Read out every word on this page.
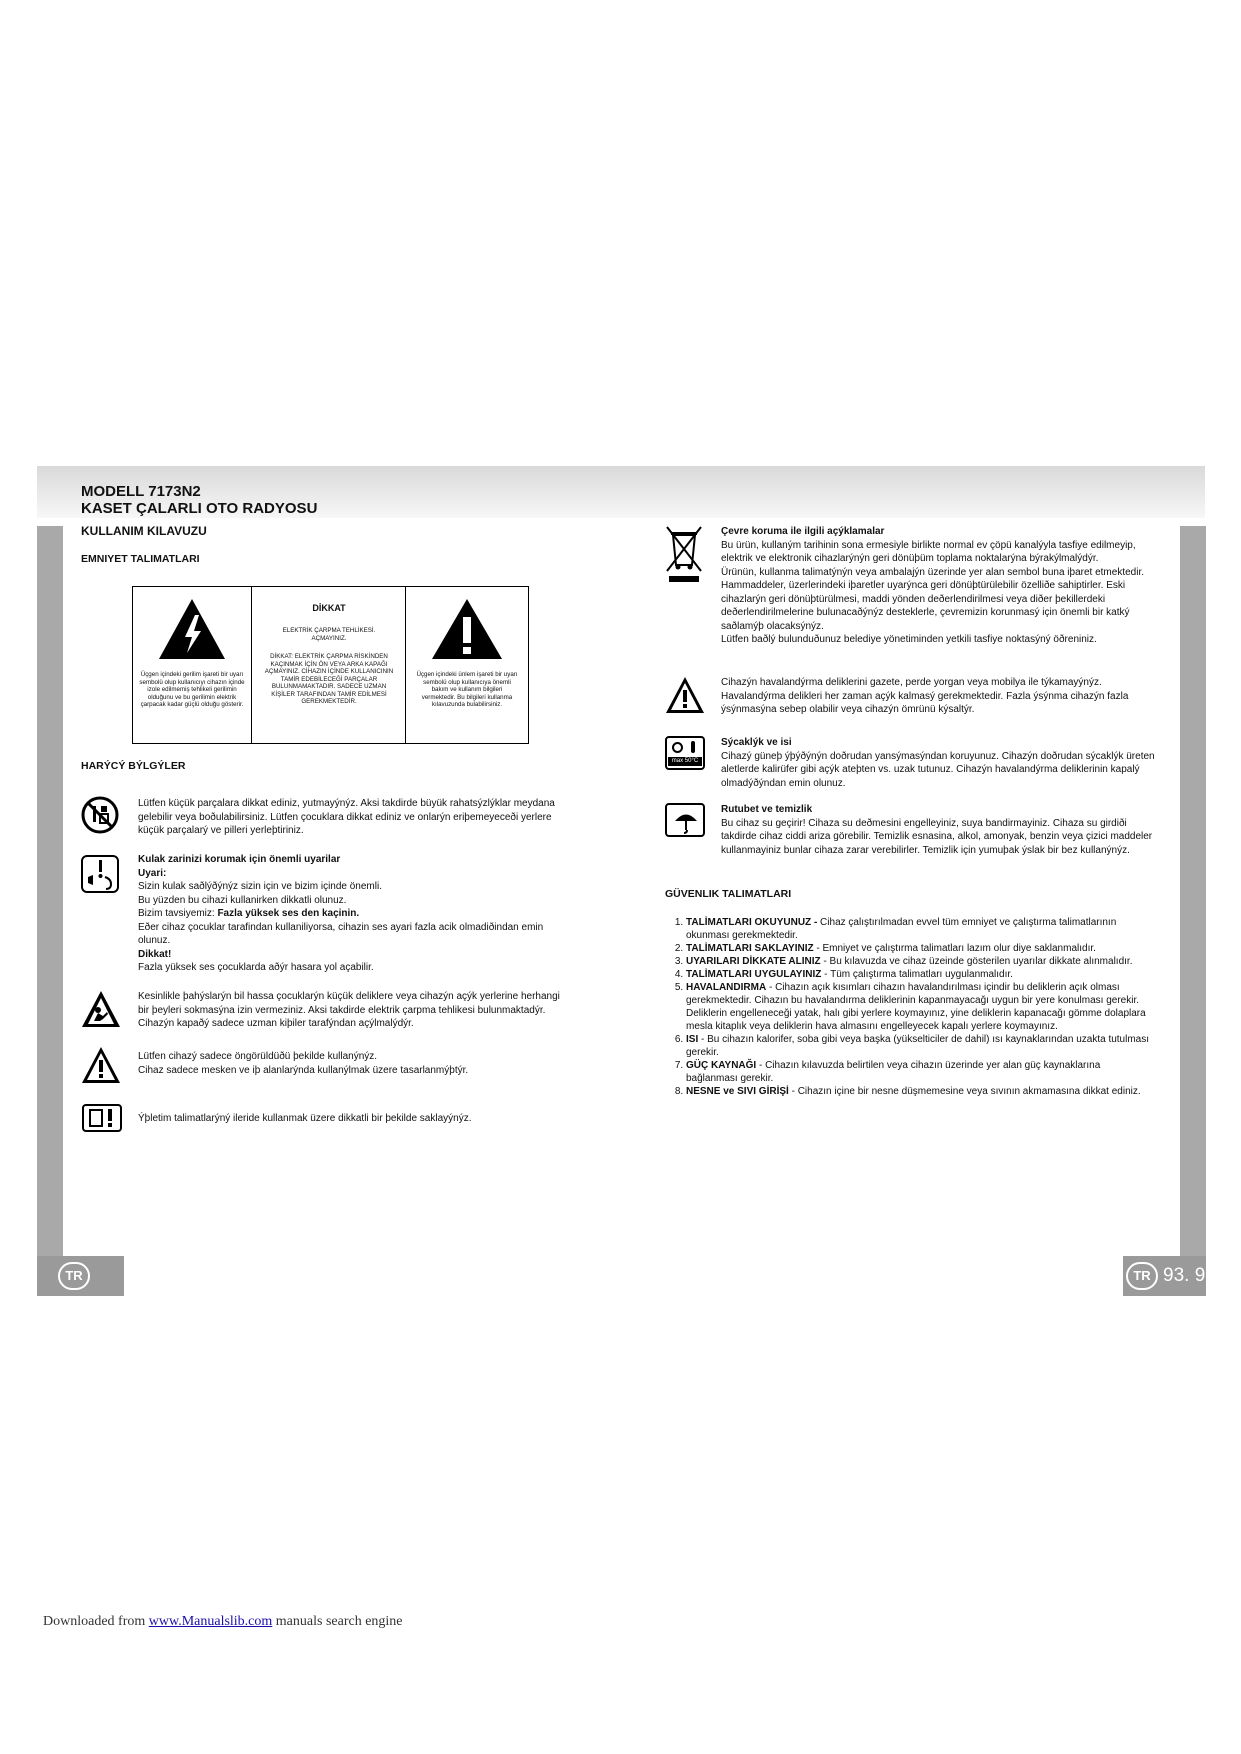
MODELL 7173N2
KASET ÇALARLI OTO RADYOSU
KULLANIM KILAVUZU
EMNIYET TALIMATLARI
Üçgen içindeki gerilim işareti bir uyarı sembolü olup kullanıcıyı cihazın içinde izole edilmemiş tehlikeli gerilimin olduğunu ve bu gerilimin elektrik çarpacak kadar güçlü olduğu gösterir.
DİKKAT
ELEKTRİK ÇARPMA TEHLİKESİ. AÇMAYINIZ.
DİKKAT: ELEKTRİK ÇARPMA RİSKİNDEN KAÇINMAK İÇİN ÖN VEYA ARKA KAPAĞI AÇMAYINIZ. CİHAZIN İÇİNDE KULLANICININ TAMİR EDEBİLECEĞİ PARÇALAR BULUNMAMAKTADIR. SADECE UZMAN KİŞİLER TARAFINDAN TAMİR EDİLMESİ GEREKMEKTEDİR.
Üçgen içindeki ünlem işareti bir uyarı sembolü olup kullanıcıya önemli bakım ve kullanım bilgileri vermektedir. Bu bilgileri kullanma kılavuzunda bulabilirsiniz.
HARÝCÝ BÝLGÝLER
Lütfen küçük parçalara dikkat ediniz, yutmayýnýz. Aksi takdirde büyük rahatsýzlýklar meydana gelebilir veya boðulabilirsiniz. Lütfen çocuklara dikkat ediniz ve onlarýn eriþemeyeceði yerlere küçük parçalarý ve pilleri yerleþtiriniz.

Kulak zarinizi korumak için önemli uyarilar

Uyari:

Sizin kulak saðlýðýnýz sizin için ve bizim içinde önemli.

Bu yüzden bu cihazi kullanirken dikkatli olunuz.

Bizim tavsiyemiz: Fazla yüksek ses den kaçinin.

Eðer cihaz çocuklar tarafindan kullaniliyorsa, cihazin ses ayari fazla acik olmadiðindan emin olunuz.

Dikkat!

Fazla yüksek ses çocuklarda aðýr hasara yol açabilir.

Kesinlikle þahýslarýn bil hassa çocuklarýn küçük deliklere veya cihazýn açýk yerlerine herhangi bir þeyleri sokmasýna izin vermeziniz. Aksi takdirde elektrik çarpma tehlikesi bulunmaktadýr. Cihazýn kapaðý sadece uzman kiþiler tarafýndan açýlmalýdýr.

Lütfen cihazý sadece öngörüldüðü þekilde kullanýnýz.

Cihaz sadece mesken ve iþ alanlarýnda kullanýlmak üzere tasarlanmýþtýr.

Ýþletim talimatlarýný ileride kullanmak üzere dikkatli bir þekilde saklayýnýz.

Çevre koruma ile ilgili açýklamalar

Bu ürün, kullaným tarihinin sona ermesiyle birlikte normal ev çöpü kanalýyla tasfiye edilmeyip, elektrik ve elektronik cihazlarýnýn geri dönüþüm toplama noktalarýna býrakýlmalýdýr.

Ürünün, kullanma talimatýnýn veya ambalajýn üzerinde yer alan sembol buna iþaret etmektedir. Hammaddeler, üzerlerindeki iþaretler uyarýnca geri dönüþtürülebilir özelliðe sahiptirler. Eski cihazlarýn geri dönüþtürülmesi, maddi yönden deðerlendirilmesi veya diðer þekillerdeki deðerlendirilmelerine bulunacaðýnýz desteklerle, çevremizin korunmasý için önemli bir katký saðlamýþ olacaksýnýz.

Lütfen baðlý bulunduðunuz belediye yönetiminden yetkili tasfiye noktasýný öðreniniz.

Cihazýn havalandýrma deliklerini gazete, perde yorgan veya mobilya ile týkamayýnýz. Havalandýrma delikleri her zaman açýk kalmasý gerekmektedir. Fazla ýsýnma cihazýn fazla ýsýnmasýna sebep olabilir veya cihazýn ömrünü kýsaltýr.
max 50°C

Sýcaklýk ve isi

Cihazý güneþ ýþýðýnýn doðrudan yansýmasýndan koruyunuz. Cihazýn doðrudan sýcaklýk üreten aletlerde kalirüfer gibi açýk ateþten vs. uzak tutunuz. Cihazýn havalandýrma deliklerinin kapalý olmadýðýndan emin olunuz.

Rutubet ve temizlik

Bu cihaz su geçirir! Cihaza su deðmesini engelleyiniz, suya bandirmayiniz. Cihaza su girdiði takdirde cihaz ciddi ariza görebilir. Temizlik esnasina, alkol, amonyak, benzin veya çizici maddeler kullanmayiniz bunlar cihaza zarar verebilirler. Temizlik için yumuþak ýslak bir bez kullanýnýz.

GÜVENLIK TALIMATLARI
1. TALİMATLARI OKUYUNUZ - Cihaz çalıştırılmadan evvel tüm emniyet ve çalıştırma talimatlarının okunması gerekmektedir.
2. TALİMATLARI SAKLAYINIZ - Emniyet ve çalıştırma talimatları lazım olur diye saklanmalıdır.
3. UYARILARI DİKKATE ALINIZ - Bu kılavuzda ve cihaz üzeinde gösterilen uyarılar dikkate alınmalıdır.
4. TALİMATLARI UYGULAYINIZ - Tüm çalıştırma talimatları uygulanmalıdır.
5. HAVALANDIRMA - Cihazın açık kısımları cihazın havalandırılması içindir bu deliklerin açık olması gerekmektedir. Cihazın bu havalandırma deliklerinin kapanmayacağı uygun bir yere konulması gerekir. Deliklerin engelleneceği yatak, halı gibi yerlere koymayınız, yine deliklerin kapanacağı gömme dolaplara mesla kitaplık veya deliklerin hava almasını engelleyecek kapalı yerlere koymayınız.
6. ISI - Bu cihazın kalorifer, soba gibi veya başka (yükselticiler de dahil) ısı kaynaklarından uzakta tutulması gerekir.
7. GÜÇ KAYNAĞI - Cihazın kılavuzda belirtilen veya cihazın üzerinde yer alan güç kaynaklarına bağlanması gerekir.
8. NESNE ve SIVI GİRİŞİ - Cihazın içine bir nesne düşmemesine veya sıvının akmamasına dikkat ediniz.
TR	TR 93. 9
Downloaded from www.Manualslib.com manuals search engine
